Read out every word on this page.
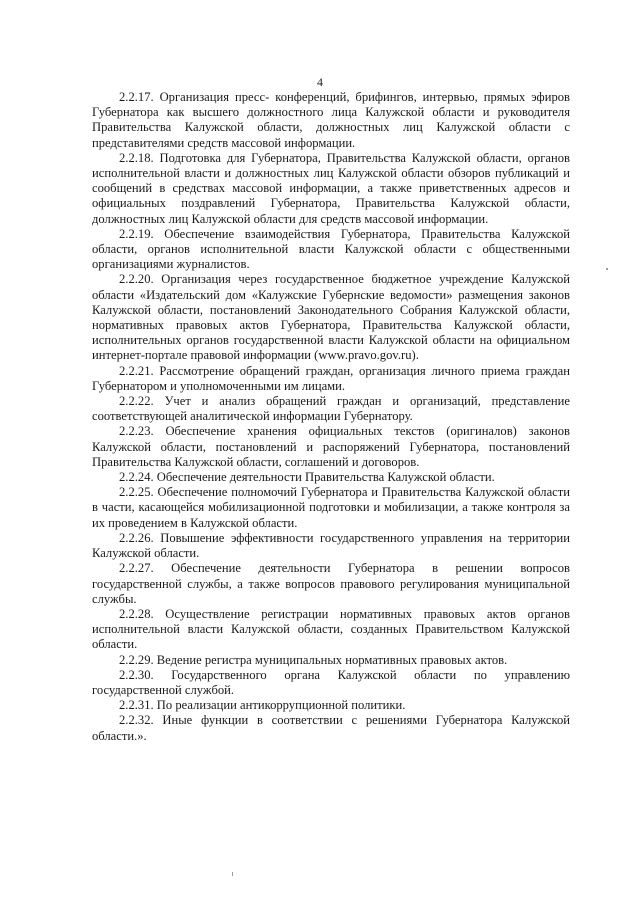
4

2.2.17. Организация пресс- конференций, брифингов, интервью, прямых эфиров Губернатора как высшего должностного лица Калужской области и руководителя Правительства Калужской области, должностных лиц Калужской области с представителями средств массовой информации.

2.2.18. Подготовка для Губернатора, Правительства Калужской области, органов исполнительной власти и должностных лиц Калужской области обзоров публикаций и сообщений в средствах массовой информации, а также приветственных адресов и официальных поздравлений Губернатора, Правительства Калужской области, должностных лиц Калужской области для средств массовой информации.

2.2.19. Обеспечение взаимодействия Губернатора, Правительства Калужской области, органов исполнительной власти Калужской области с общественными организациями журналистов.

2.2.20. Организация через государственное бюджетное учреждение Калужской области «Издательский дом «Калужские Губернские ведомости» размещения законов Калужской области, постановлений Законодательного Собрания Калужской области, нормативных правовых актов Губернатора, Правительства Калужской области, исполнительных органов государственной власти Калужской области на официальном интернет-портале правовой информации (www.pravo.gov.ru).

2.2.21. Рассмотрение обращений граждан, организация личного приема граждан Губернатором и уполномоченными им лицами.

2.2.22. Учет и анализ обращений граждан и организаций, представление соответствующей аналитической информации Губернатору.

2.2.23. Обеспечение хранения официальных текстов (оригиналов) законов Калужской области, постановлений и распоряжений Губернатора, постановлений Правительства Калужской области, соглашений и договоров.

2.2.24. Обеспечение деятельности Правительства Калужской области.

2.2.25. Обеспечение полномочий Губернатора и Правительства Калужской области в части, касающейся мобилизационной подготовки и мобилизации, а также контроля за их проведением в Калужской области.

2.2.26. Повышение эффективности государственного управления на территории Калужской области.

2.2.27. Обеспечение деятельности Губернатора в решении вопросов государственной службы, а также вопросов правового регулирования муниципальной службы.

2.2.28. Осуществление регистрации нормативных правовых актов органов исполнительной власти Калужской области, созданных Правительством Калужской области.

2.2.29. Ведение регистра муниципальных нормативных правовых актов.

2.2.30. Государственного органа Калужской области по управлению государственной службой.

2.2.31. По реализации антикоррупционной политики.

2.2.32. Иные функции в соответствии с решениями Губернатора Калужской области.».
